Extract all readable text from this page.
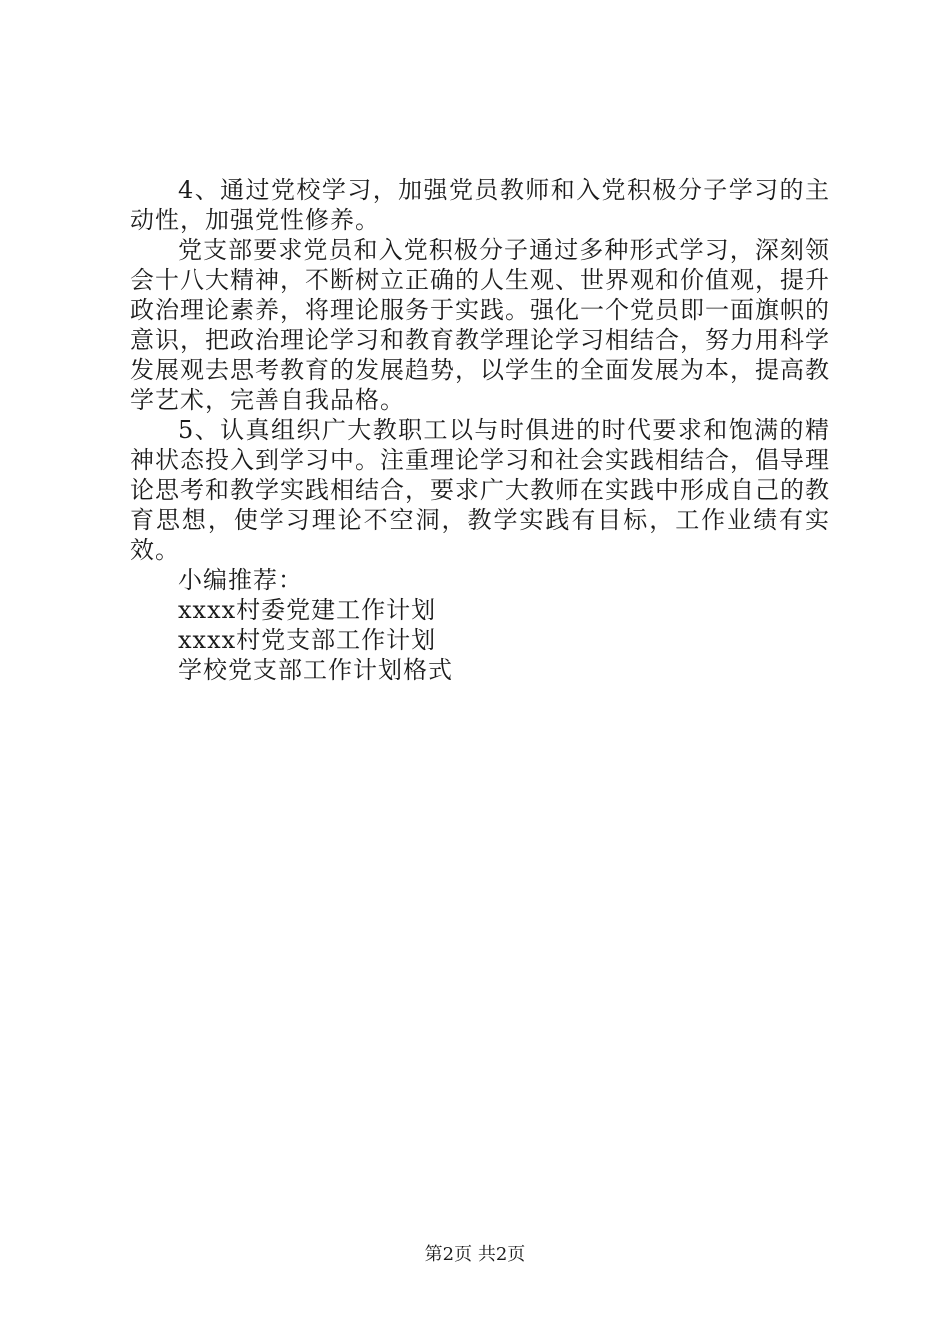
4、通过党校学习，加强党员教师和入党积极分子学习的主动性，加强党性修养。

党支部要求党员和入党积极分子通过多种形式学习，深刻领会十八大精神，不断树立正确的人生观、世界观和价值观，提升政治理论素养，将理论服务于实践。强化一个党员即一面旗帜的意识，把政治理论学习和教育教学理论学习相结合，努力用科学发展观去思考教育的发展趋势，以学生的全面发展为本，提高教学艺术，完善自我品格。

5、认真组织广大教职工以与时俱进的时代要求和饱满的精神状态投入到学习中。注重理论学习和社会实践相结合，倡导理论思考和教学实践相结合，要求广大教师在实践中形成自己的教育思想，使学习理论不空洞，教学实践有目标，工作业绩有实效。

小编推荐：

xxxx村委党建工作计划
xxxx村党支部工作计划
学校党支部工作计划格式
第2页 共2页
